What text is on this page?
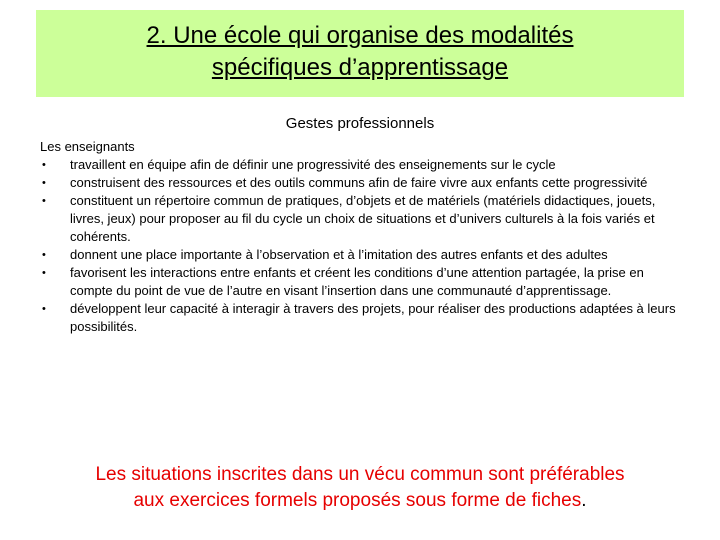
2. Une école qui organise des modalités
spécifiques d’apprentissage
Gestes professionnels
Les enseignants
• travaillent en équipe afin de définir une progressivité des enseignements sur le cycle
• construisent des ressources et des outils communs afin de faire vivre aux enfants cette progressivité
• constituent un répertoire commun de pratiques, d’objets et de matériels (matériels didactiques, jouets, livres, jeux) pour proposer au fil du cycle un choix de situations et d’univers culturels à la fois variés et cohérents.
• donnent une place importante à l’observation et à l’imitation des autres enfants et des adultes
• favorisent les interactions entre enfants et créent les conditions d’une attention partagée, la prise en compte du point de vue de l’autre en visant l’insertion dans une communauté d’apprentissage.
• développent leur capacité à interagir à travers des projets, pour réaliser des productions adaptées à leurs possibilités.
Les situations inscrites dans un vécu commun sont préférables
aux exercices formels proposés sous forme de fiches.
